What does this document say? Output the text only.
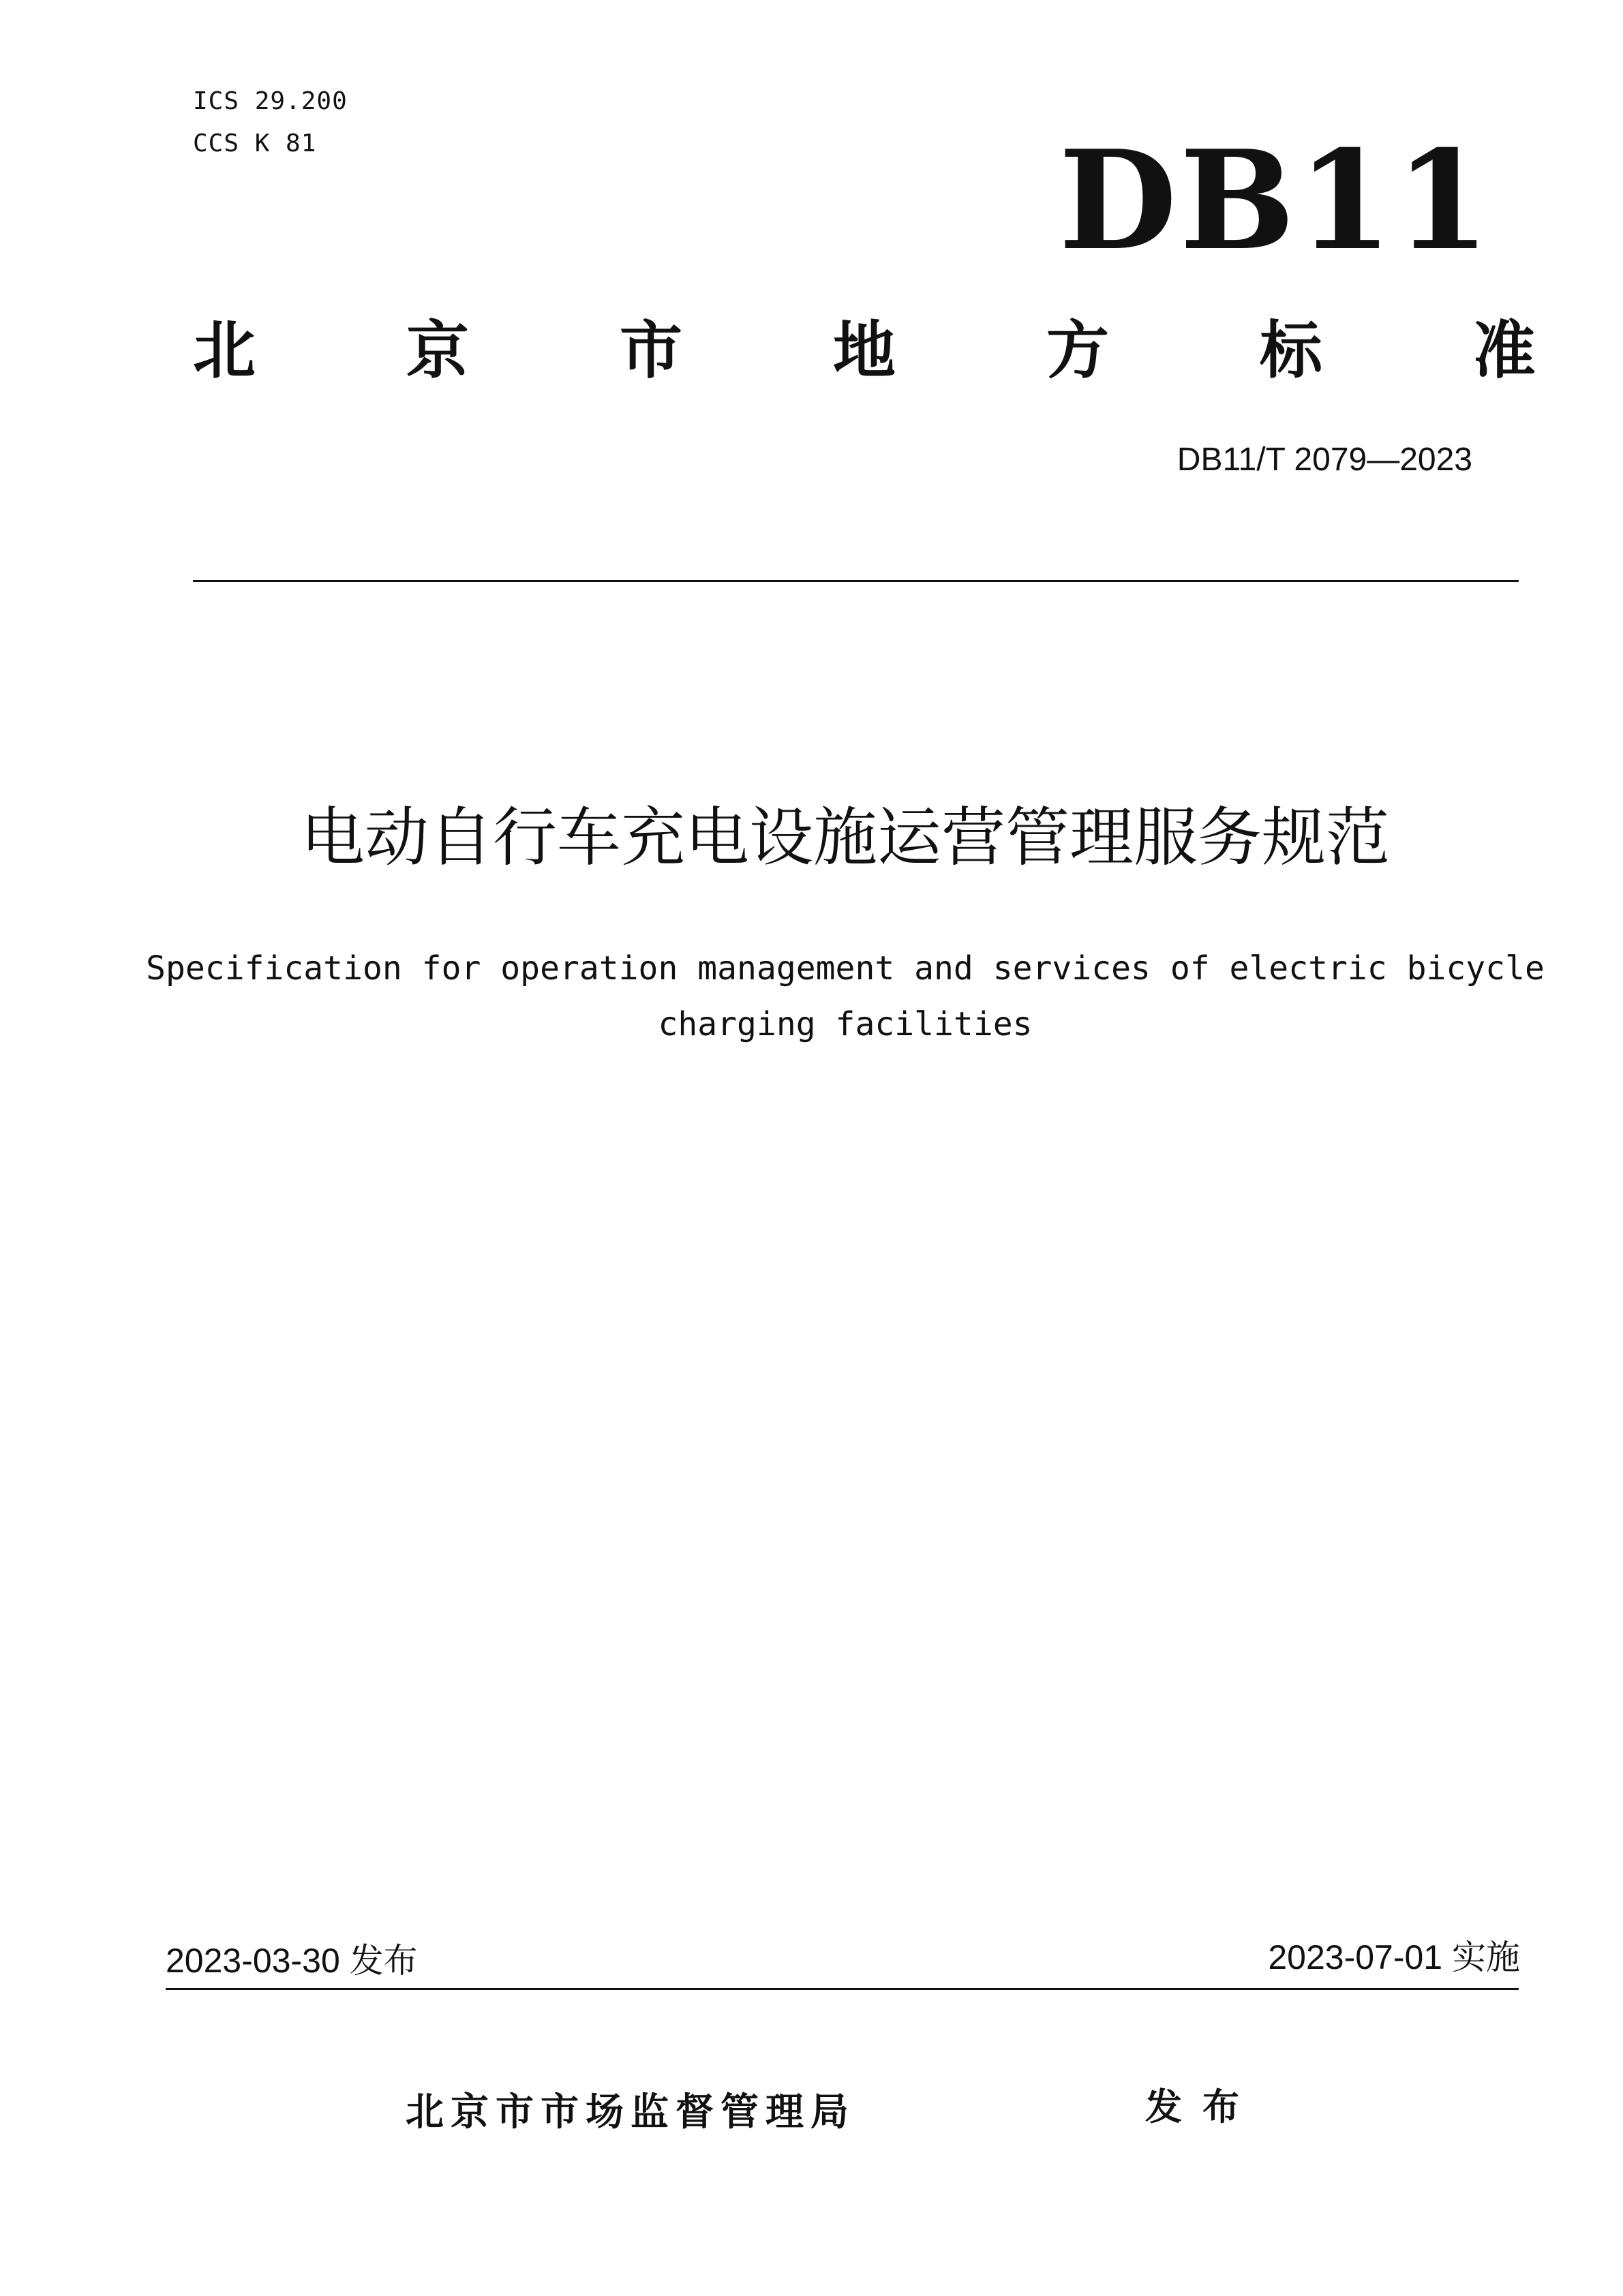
ICS 29.200
CCS K 81	DB11
北 京 市 地 方 标 准
DB11/T 2079—2023
电动自行车充电设施运营管理服务规范
Specification for operation management and services of electric bicycle
charging facilities
2023-03-30 发布	2023-07-01 实施
北京市市场监督管理局	发布
